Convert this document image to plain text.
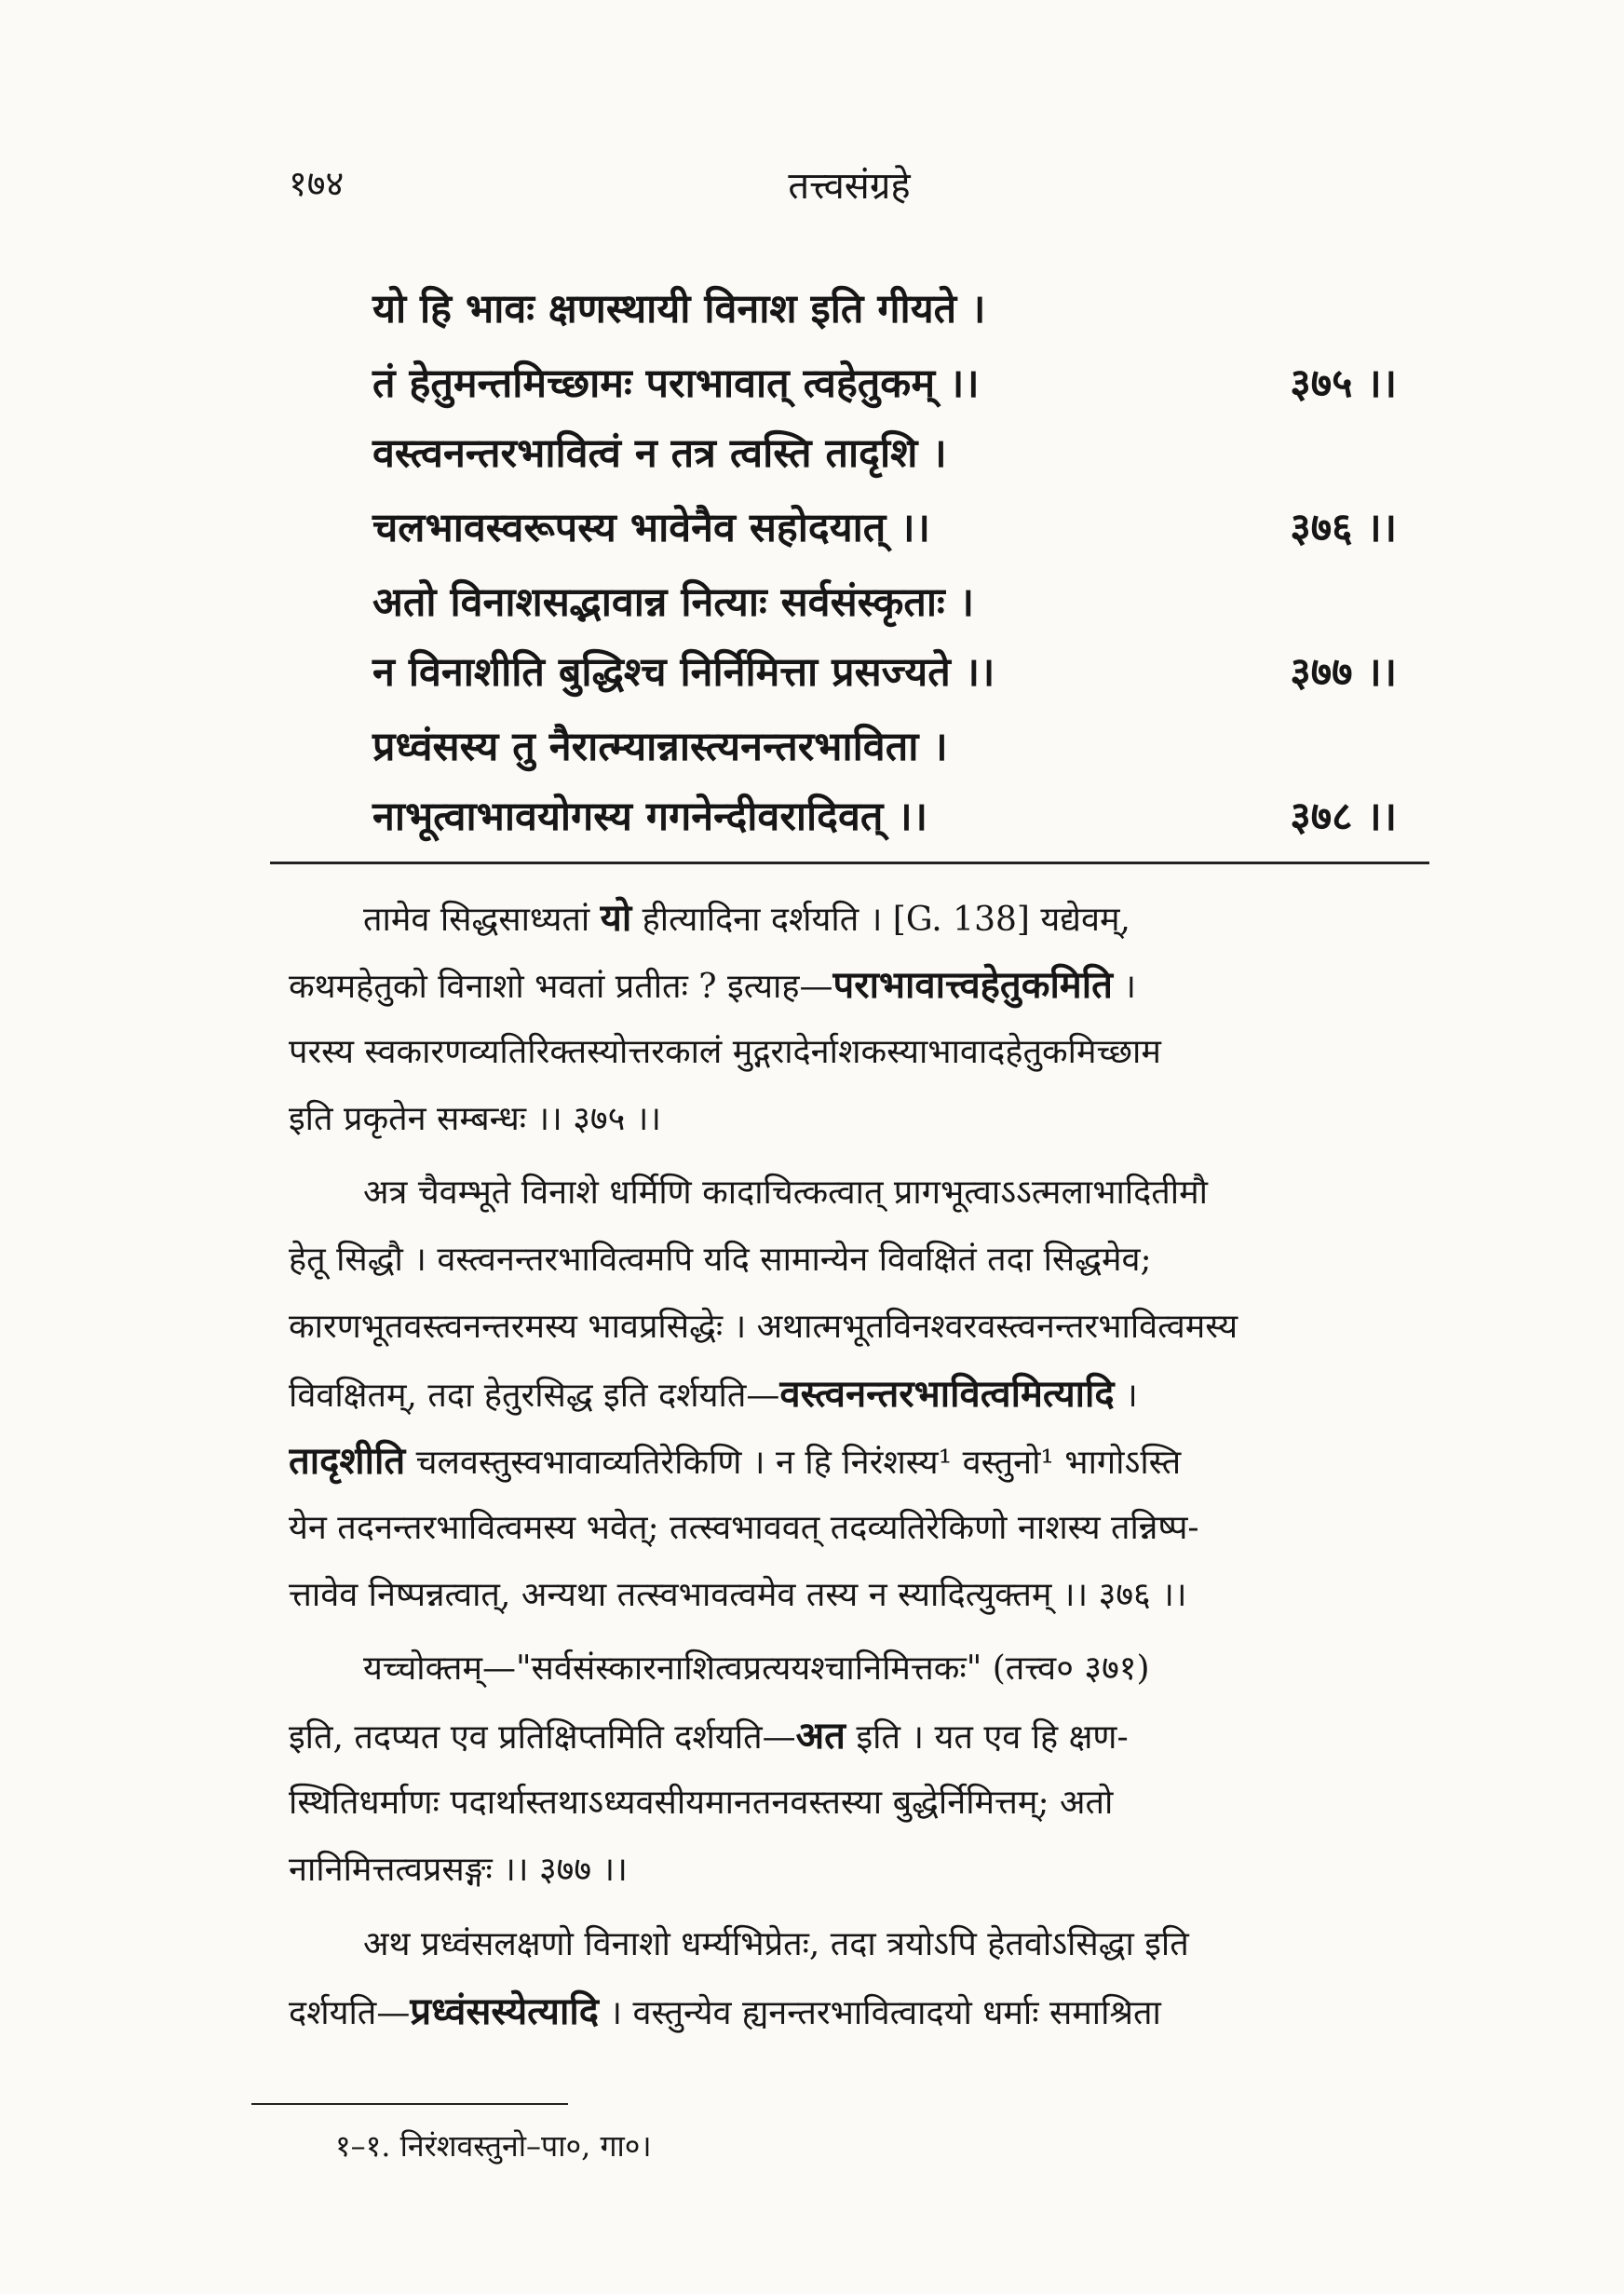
१७४	तत्त्वसंग्रहे
यो हि भावः क्षणस्थायी विनाश इति गीयते ।
तं हेतुमन्तमिच्छामः पराभावात् त्वहेतुकम् ।।	३७५ ।।
वस्त्वनन्तरभावित्वं न तत्र त्वस्ति तादृशि ।
चलभावस्वरूपस्य भावेनैव सहोदयात् ।।	३७६ ।।
अतो विनाशसद्भावान्न नित्याः सर्वसंस्कृताः ।
न विनाशीति बुद्धिश्च निर्निमित्ता प्रसज्यते ।।	३७७ ।।
प्रध्वंसस्य तु नैरात्म्यान्नास्त्यनन्तरभाविता ।
नाभूत्वाभावयोगस्य गगनेन्दीवरादिवत् ।।	३७८ ।।
तामेव सिद्धसाध्यतां यो हीत्यादिना दर्शयति । [G. 138] यद्येवम्,
कथमहेतुको विनाशो भवतां प्रतीतः ? इत्याह—पराभावात्त्वहेतुकमिति ।
परस्य स्वकारणव्यतिरिक्तस्योत्तरकालं मुद्गरादेर्नाशकस्याभावादहेतुकमिच्छाम
इति प्रकृतेन सम्बन्धः ।। ३७५ ।।
अत्र चैवम्भूते विनाशे धर्मिणि कादाचित्कत्वात् प्रागभूत्वाऽऽत्मलाभादितीमौ
हेतू सिद्धौ । वस्त्वनन्तरभावित्वमपि यदि सामान्येन विवक्षितं तदा सिद्धमेव;
कारणभूतवस्त्वनन्तरमस्य भावप्रसिद्धेः । अथात्मभूतविनश्वरवस्त्वनन्तरभावित्वमस्य
विवक्षितम्, तदा हेतुरसिद्ध इति दर्शयति—वस्त्वनन्तरभावित्वमित्यादि ।
तादृशीति चलवस्तुस्वभावाव्यतिरेकिणि । न हि निरंशस्य¹ वस्तुनो¹ भागोऽस्ति
येन तदनन्तरभावित्वमस्य भवेत्; तत्स्वभाववत् तदव्यतिरेकिणो नाशस्य तन्निष्प-
त्तावेव निष्पन्नत्वात्, अन्यथा तत्स्वभावत्वमेव तस्य न स्यादित्युक्तम् ।। ३७६ ।।
यच्चोक्तम्—"सर्वसंस्कारनाशित्वप्रत्ययश्चानिमित्तकः" (तत्त्व० ३७१)
इति, तदप्यत एव प्रतिक्षिप्तमिति दर्शयति—अत इति । यत एव हि क्षण-
स्थितिधर्माणः पदार्थास्तथाऽध्यवसीयमानतनवस्तस्या बुद्धेर्निमित्तम्; अतो
नानिमित्तत्वप्रसङ्गः ।। ३७७ ।।
अथ प्रध्वंसलक्षणो विनाशो धर्म्यभिप्रेतः, तदा त्रयोऽपि हेतवोऽसिद्धा इति
दर्शयति—प्रध्वंसस्येत्यादि । वस्तुन्येव ह्यनन्तरभावित्वादयो धर्माः समाश्रिता
१–१. निरंशवस्तुनो–पा०, गा०।
